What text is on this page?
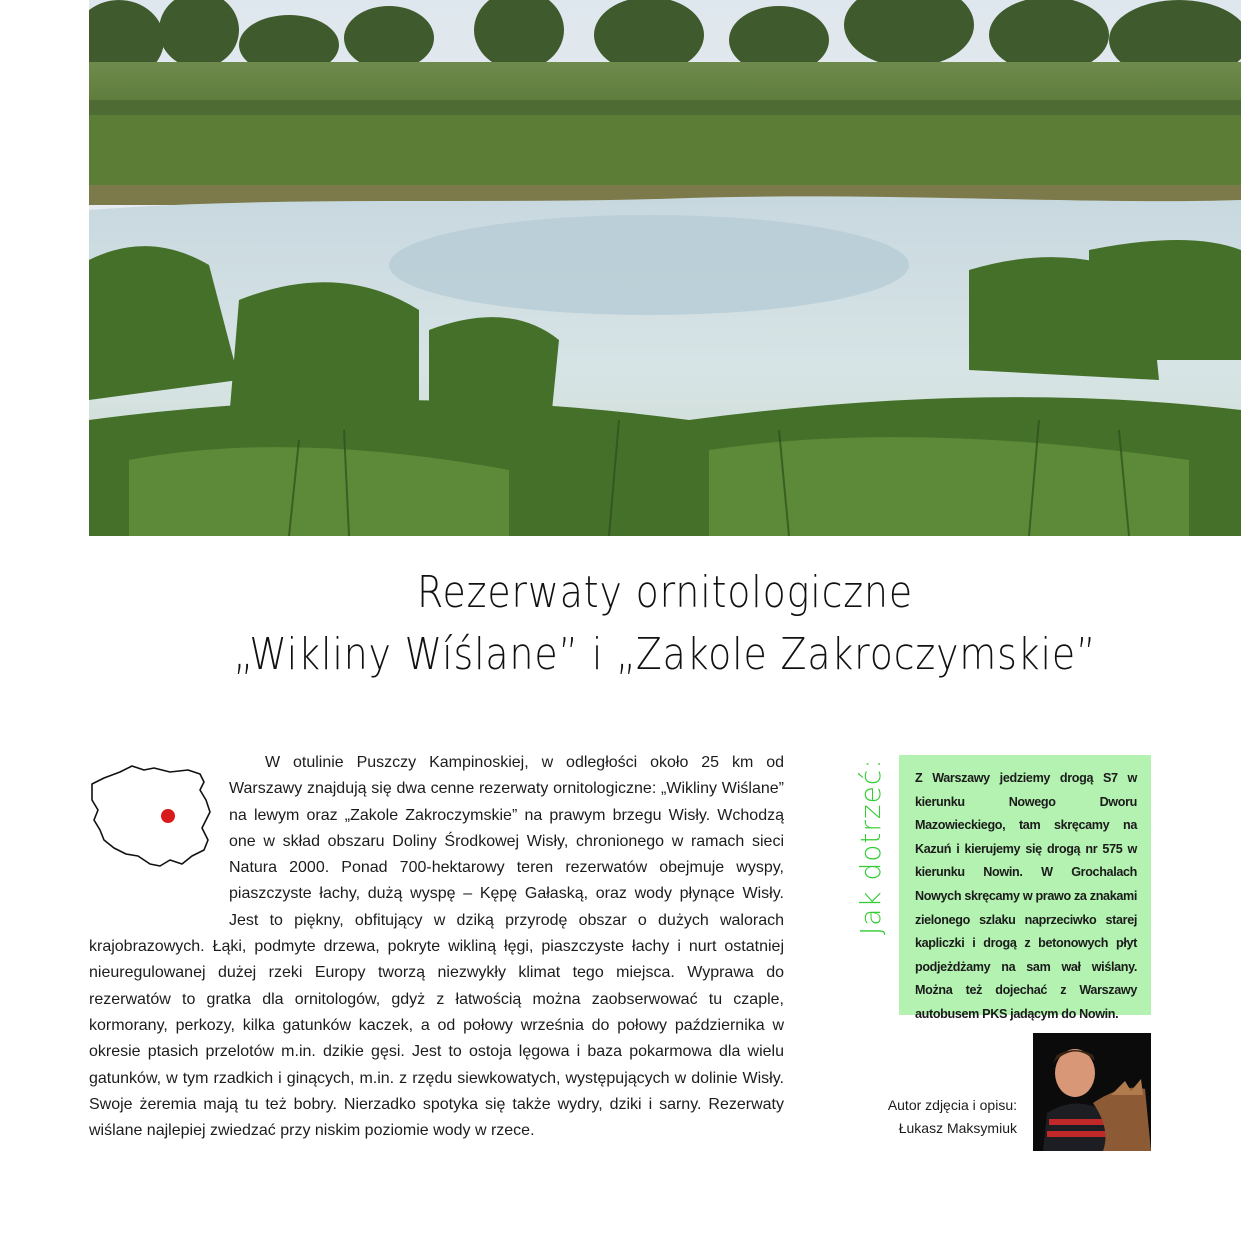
Rezerwaty ornitologiczne
„Wikliny Wíślane” i „Zakole Zakroczymskie”
W otulinie Puszczy Kampinoskiej, w odległości około 25 km od Warszawy znajdują się dwa cenne rezerwaty ornitologiczne: „Wikliny Wiślane” na lewym oraz „Zakole Zakroczymskie” na prawym brzegu Wisły. Wchodzą one w skład obszaru Doliny Środkowej Wisły, chronionego w ramach sieci Natura 2000. Ponad 700-hektarowy teren rezerwatów obejmuje wyspy, piaszczyste łachy, dużą wyspę – Kępę Gałaską, oraz wody płynące Wisły. Jest to piękny, obfitujący w dziką przyrodę obszar o dużych walorach krajobrazowych. Łąki, podmyte drzewa, pokryte wikliną łęgi, piaszczyste łachy i nurt ostatniej nieuregulowanej dużej rzeki Europy tworzą niezwykły klimat tego miejsca. Wyprawa do rezerwatów to gratka dla ornitologów, gdyż z łatwością można zaobserwować tu czaple, kormorany, perkozy, kilka gatunków kaczek, a od połowy września do połowy października w okresie ptasich przelotów m.in. dzikie gęsi. Jest to ostoja lęgowa i baza pokarmowa dla wielu gatunków, w tym rzadkich i ginących, m.in. z rzędu siewkowatych, występujących w dolinie Wisły. Swoje żeremia mają tu też bobry. Nierzadko spotyka się także wydry, dziki i sarny. Rezerwaty wiślane najlepiej zwiedzać przy niskim poziomie wody w rzece.
Jak dotrzeć:	Z Warszawy jedziemy drogą S7 w kierunku Nowego Dworu Mazowieckiego, tam skręcamy na Kazuń i kierujemy się drogą nr 575 w kierunku Nowin. W Grochalach Nowych skręcamy w prawo za znakami zielonego szlaku naprzeciwko starej kapliczki i drogą z betonowych płyt podjeżdżamy na sam wał wiślany. Można też dojechać z Warszawy autobusem PKS jadącym do Nowin.
Autor zdjęcia i opisu:
Łukasz Maksymiuk
